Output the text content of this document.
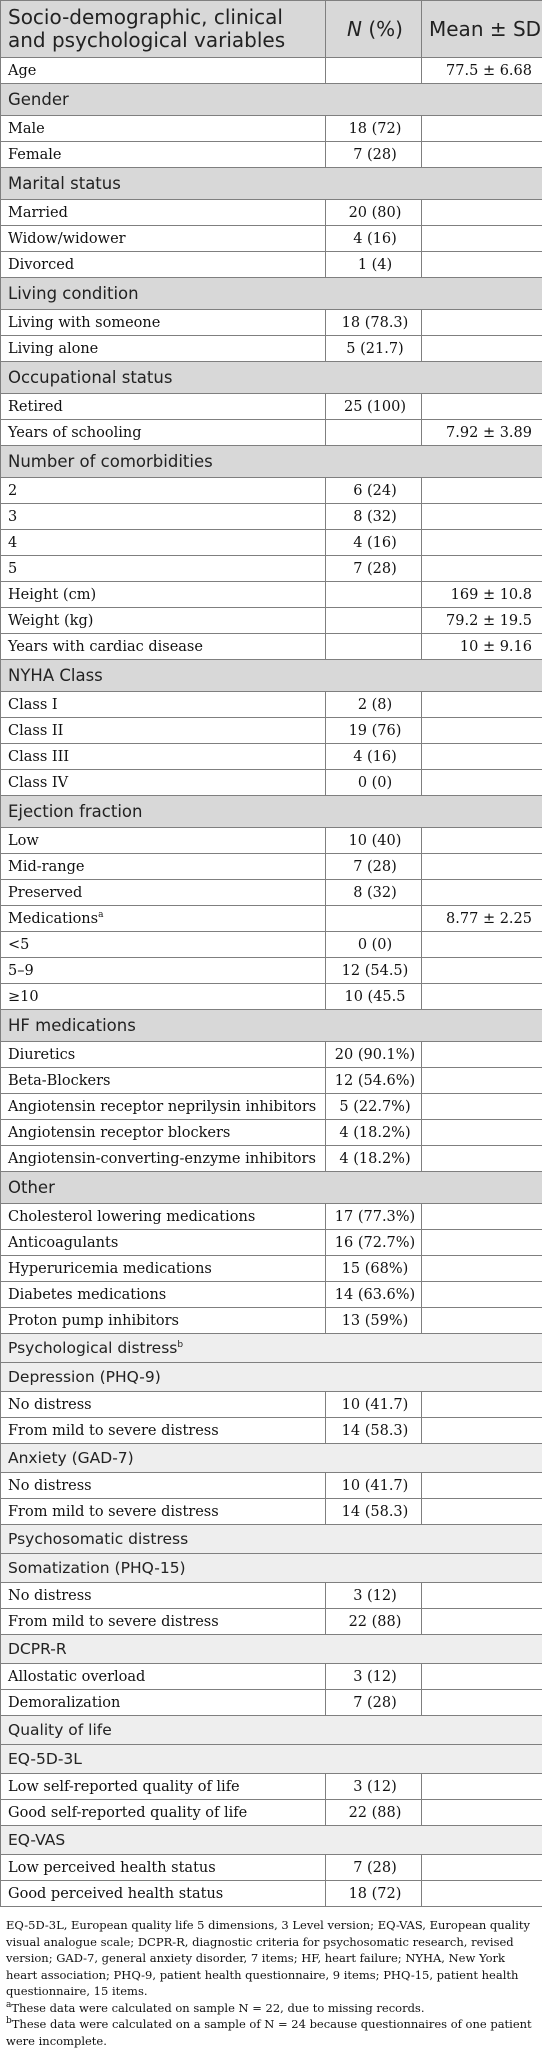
Socio-demographic, clinical and psychological variables	N (%)	Mean ± SD
Age		77.5 ± 6.68
Gender		
Male	18 (72)	
Female	7 (28)	
Marital status		
Married	20 (80)	
Widow/widower	4 (16)	
Divorced	1 (4)	
Living condition		
Living with someone	18 (78.3)	
Living alone	5 (21.7)	
Occupational status		
Retired	25 (100)	
Years of schooling		7.92 ± 3.89
Number of comorbidities		
2	6 (24)	
3	8 (32)	
4	4 (16)	
5	7 (28)	
Height (cm)		169 ± 10.8
Weight (kg)		79.2 ± 19.5
Years with cardiac disease		10 ± 9.16
NYHA Class		
Class I	2 (8)	
Class II	19 (76)	
Class III	4 (16)	
Class IV	0 (0)	
Ejection fraction		
Low	10 (40)	
Mid-range	7 (28)	
Preserved	8 (32)	
Medications$^a$		8.77 ± 2.25
<5	0 (0)	
5–9	12 (54.5)	
≥10	10 (45.5	
HF medications		
Diuretics	20 (90.1%)	
Beta-Blockers	12 (54.6%)	
Angiotensin receptor neprilysin inhibitors	5 (22.7%)	
Angiotensin receptor blockers	4 (18.2%)	
Angiotensin-converting-enzyme inhibitors	4 (18.2%)	
Other		
Cholesterol lowering medications	17 (77.3%)	
Anticoagulants	16 (72.7%)	
Hyperuricemia medications	15 (68%)	
Diabetes medications	14 (63.6%)	
Proton pump inhibitors	13 (59%)	
Psychological distress$^b$
Depression (PHQ-9)		
No distress	10 (41.7)	
From mild to severe distress	14 (58.3)	
Anxiety (GAD-7)		
No distress	10 (41.7)	
From mild to severe distress	14 (58.3)	
Psychosomatic distress		
Somatization (PHQ-15)		
No distress	3 (12)	
From mild to severe distress	22 (88)	
DCPR-R		
Allostatic overload	3 (12)	
Demoralization	7 (28)	
Quality of life		
EQ-5D-3L		
Low self-reported quality of life	3 (12)	
Good self-reported quality of life	22 (88)	
EQ-VAS		
Low perceived health status	7 (28)	
Good perceived health status	18 (72)	

EQ-5D-3L, European quality life 5 dimensions, 3 Level version; EQ-VAS, European quality visual analogue scale; DCPR-R, diagnostic criteria for psychosomatic research, revised version; GAD-7, general anxiety disorder, 7 items; HF, heart failure; NYHA, New York heart association; PHQ-9, patient health questionnaire, 9 items; PHQ-15, patient health questionnaire, 15 items.

$^a$These data were calculated on sample N = 22, due to missing records.

$^b$These data were calculated on a sample of N = 24 because questionnaires of one patient were incomplete.
